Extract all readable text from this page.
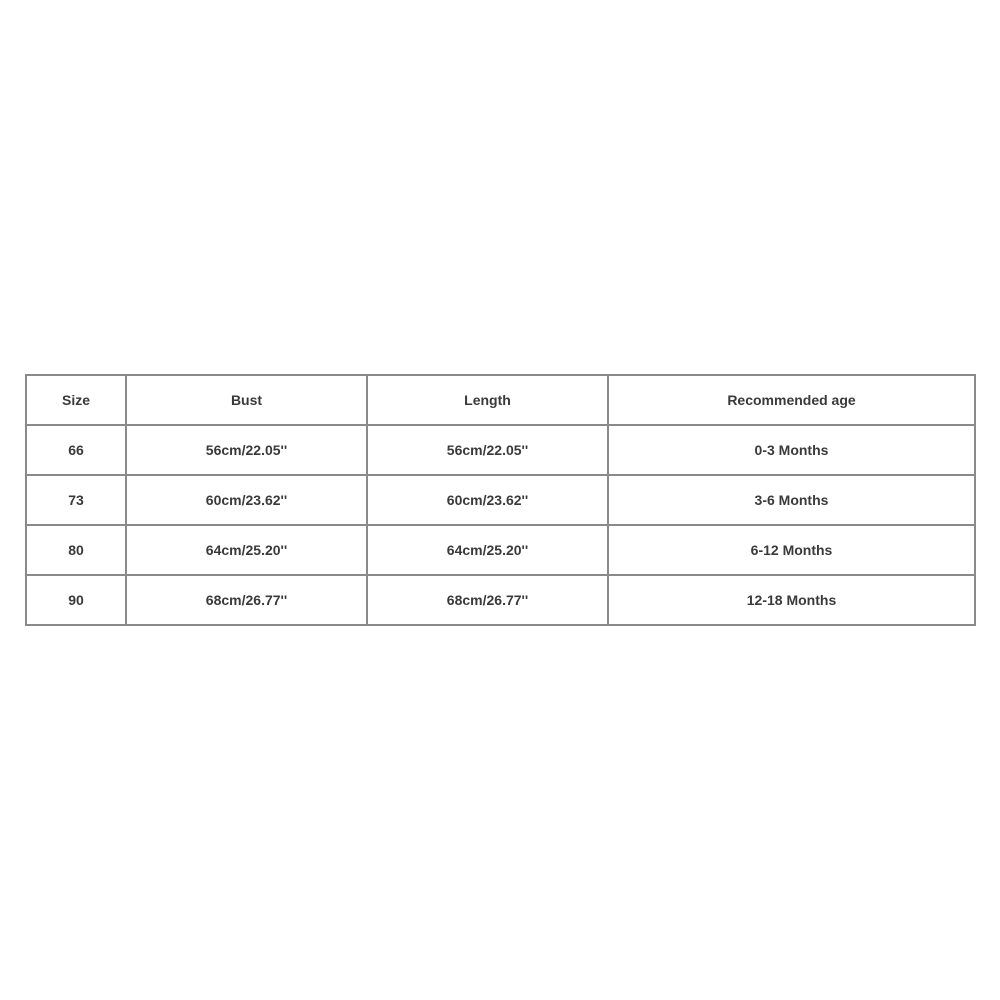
Size	Bust	Length	Recommended age
66	56cm/22.05''	56cm/22.05''	0-3 Months
73	60cm/23.62''	60cm/23.62''	3-6 Months
80	64cm/25.20''	64cm/25.20''	6-12 Months
90	68cm/26.77''	68cm/26.77''	12-18 Months
